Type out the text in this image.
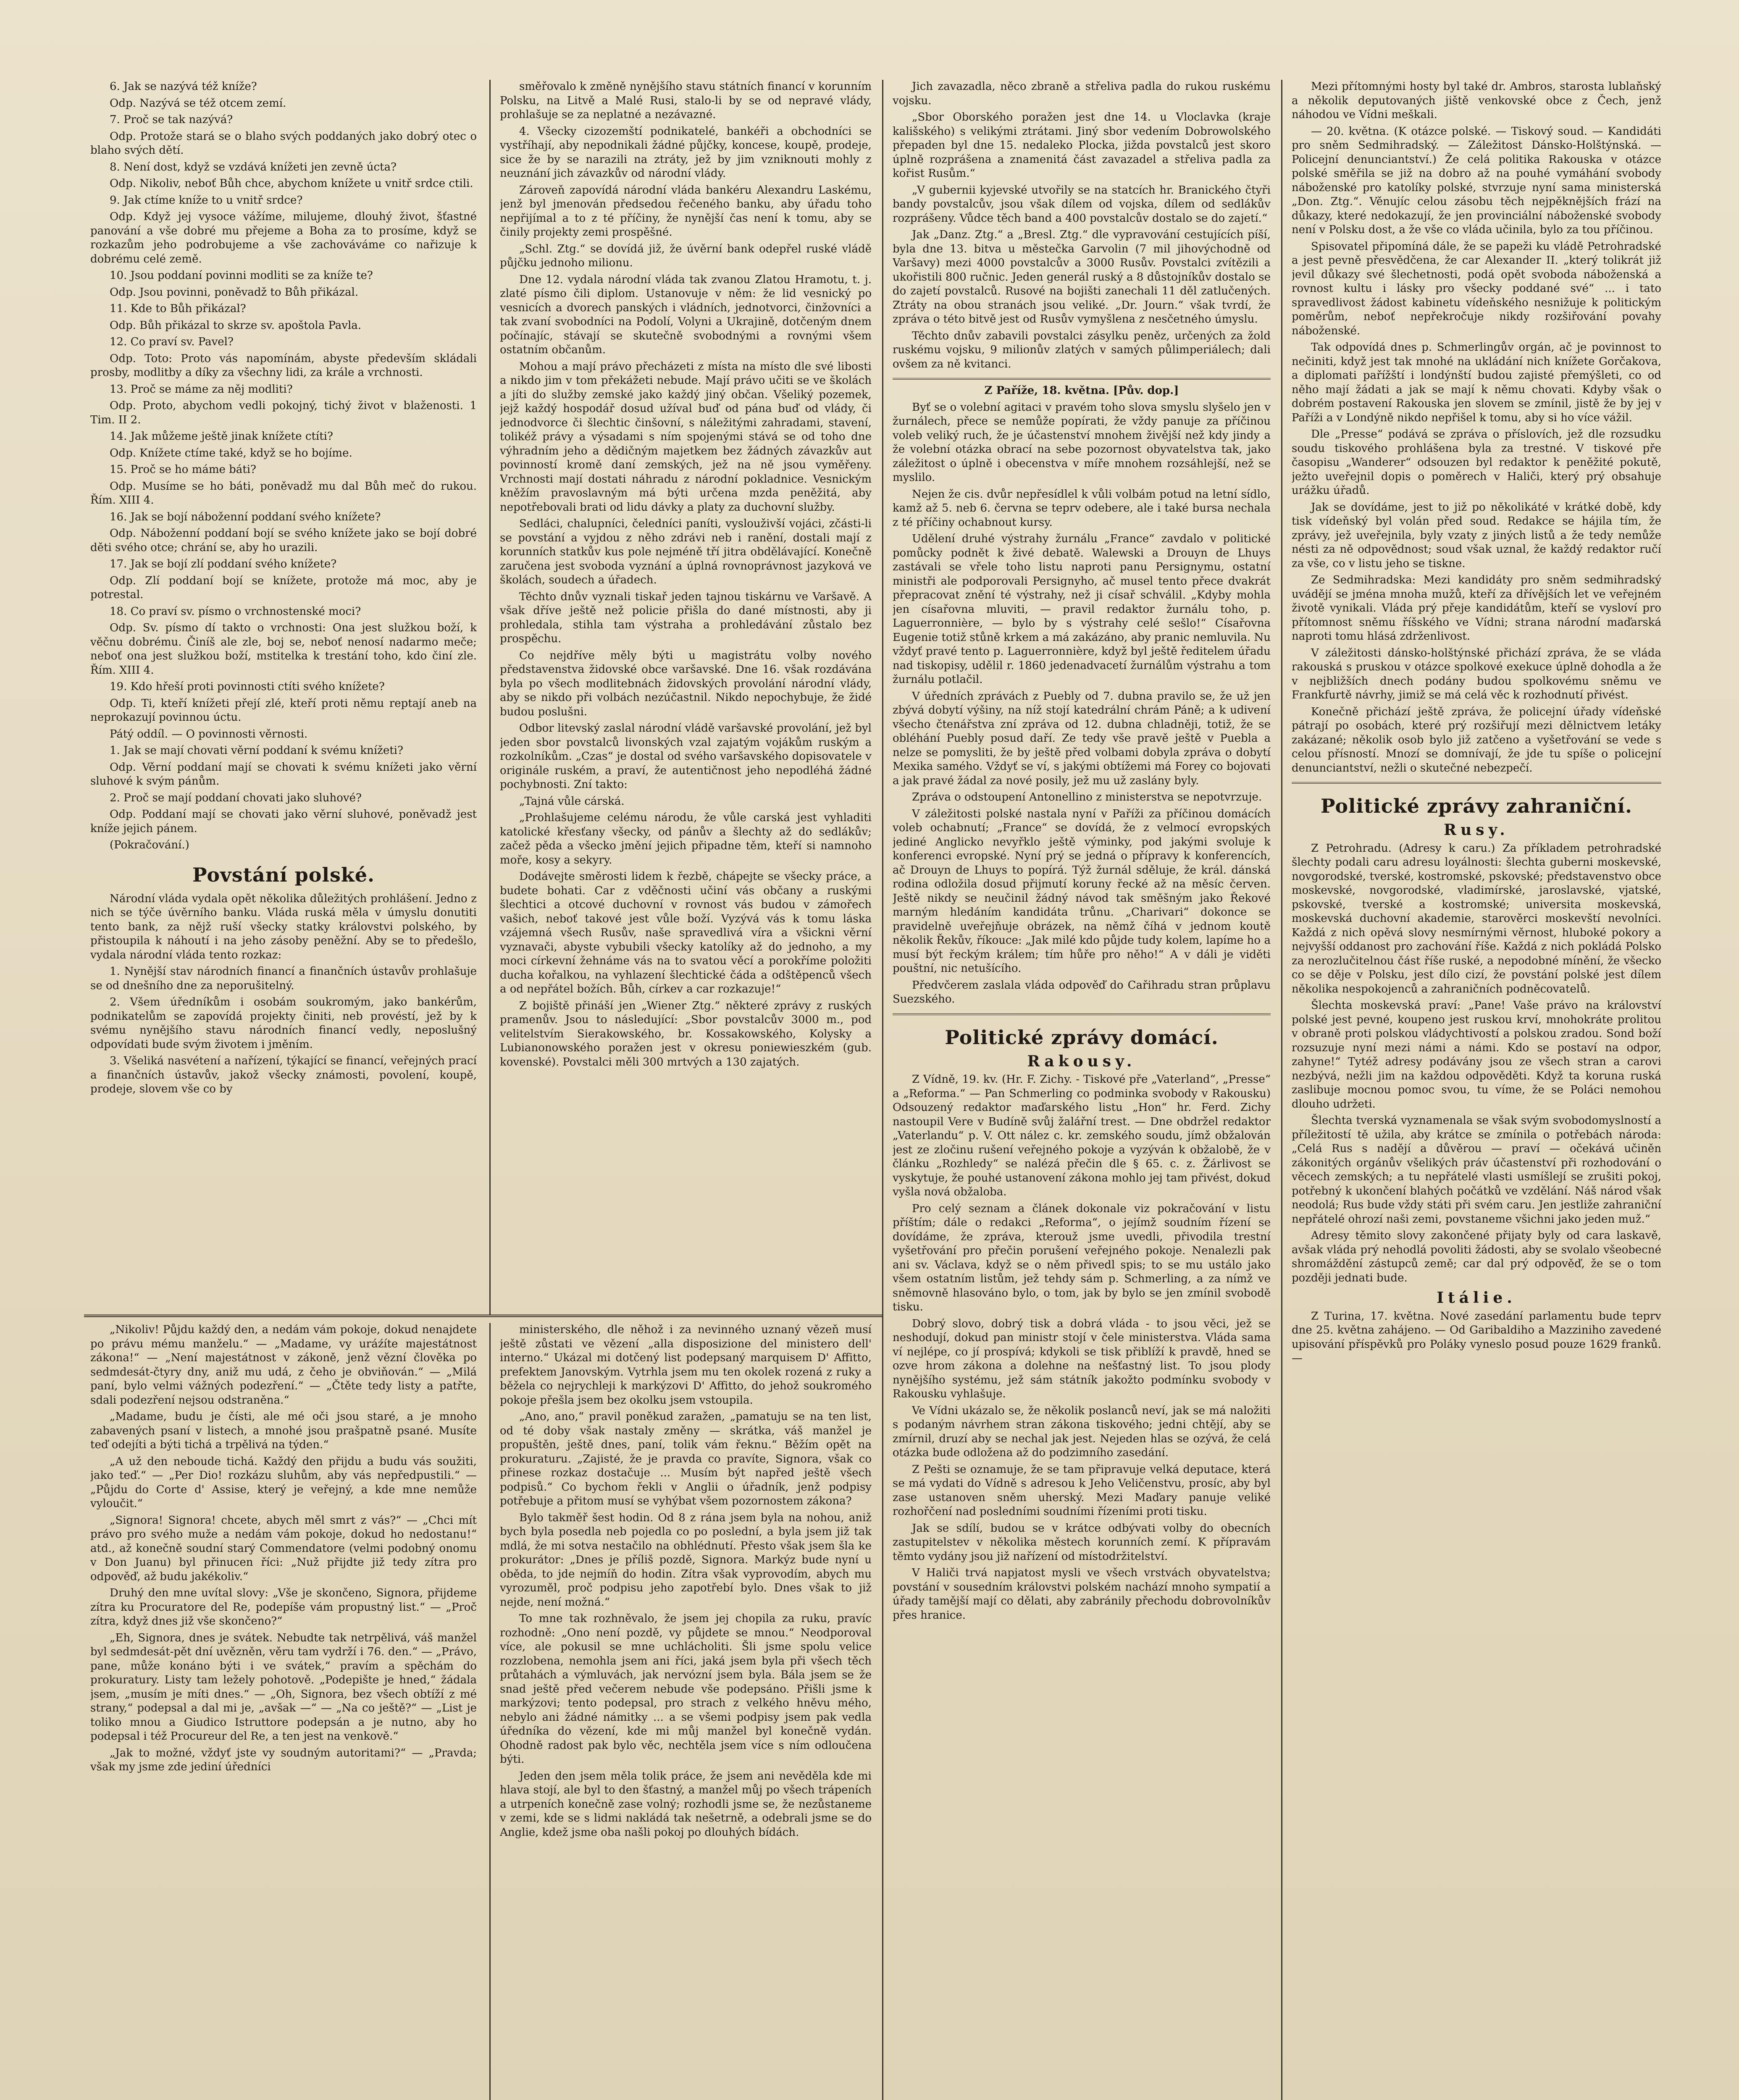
6. Jak se nazývá též kníže?

Odp. Nazývá se též otcem zemí.

7. Proč se tak nazývá?

Odp. Protože stará se o blaho svých poddaných jako dobrý otec o blaho svých dětí.

8. Není dost, když se vzdává knížeti jen zevně úcta?

Odp. Nikoliv, neboť Bůh chce, abychom knížete u vnitř srdce ctili.

9. Jak ctíme kníže to u vnitř srdce?

Odp. Když jej vysoce vážíme, milujeme, dlouhý život, šťastné panování a vše dobré mu přejeme a Boha za to prosíme, když se rozkazům jeho podrobujeme a vše zachováváme co nařizuje k dobrému celé země.

10. Jsou poddaní povinni modliti se za kníže te?

Odp. Jsou povinni, poněvadž to Bůh přikázal.

11. Kde to Bůh přikázal?

Odp. Bůh přikázal to skrze sv. apoštola Pavla.

12. Co praví sv. Pavel?

Odp. Toto: Proto vás napomínám, abyste především skládali prosby, modlitby a díky za všechny lidi, za krále a vrchnosti.

13. Proč se máme za něj modliti?

Odp. Proto, abychom vedli pokojný, tichý život v blaženosti. 1 Tim. II 2.

14. Jak můžeme ještě jinak knížete ctíti?

Odp. Knížete ctíme také, když se ho bojíme.

15. Proč se ho máme báti?

Odp. Musíme se ho báti, poněvadž mu dal Bůh meč do rukou. Řím. XIII 4.

16. Jak se bojí náboženní poddaní svého knížete?

Odp. Náboženní poddaní bojí se svého knížete jako se bojí dobré děti svého otce; chrání se, aby ho urazili.

17. Jak se bojí zlí poddaní svého knížete?

Odp. Zlí poddaní bojí se knížete, protože má moc, aby je potrestal.

18. Co praví sv. písmo o vrchnostenské moci?

Odp. Sv. písmo dí takto o vrchnosti: Ona jest služkou boží, k věčnu dobrému. Činíš ale zle, boj se, neboť nenosí nadarmo meče; neboť ona jest služkou boží, mstitelka k trestání toho, kdo činí zle. Řím. XIII 4.

19. Kdo hřeší proti povinnosti ctíti svého knížete?

Odp. Ti, kteří knížeti přejí zlé, kteří proti němu reptají aneb na neprokazují povinnou úctu.

Pátý oddíl. — O povinnosti věrnosti.

1. Jak se mají chovati věrní poddaní k svému knížeti?

Odp. Věrní poddaní mají se chovati k svému knížeti jako věrní sluhové k svým pánům.

2. Proč se mají poddaní chovati jako sluhové?

Odp. Poddaní mají se chovati jako věrní sluhové, poněvadž jest kníže jejich pánem.

(Pokračování.)

Povstání polské.

Národní vláda vydala opět několika důležitých prohlášení. Jedno z nich se týče úvěrního banku. Vláda ruská měla v úmyslu donutiti tento bank, za nějž ruší všecky statky královstvi polského, by přistoupila k náhoutí i na jeho zásoby peněžní. Aby se to předešlo, vydala národní vláda tento rozkaz:

1. Nynější stav národních financí a finančních ústavův prohlašuje se od dnešního dne za neporušitelný.

2. Všem úředníkům i osobám soukromým, jako bankérům, podnikatelům se zapovídá projekty činiti, neb provéstí, jež by k svému nynějšího stavu národních financí vedly, neposlušný odpovídati bude svým životem i jměním.

3. Všeliká nasvétení a nařízení, týkající se financí, veřejných prací a finančních ústavův, jakož všecky známosti, povolení, koupě, prodeje, slovem vše co by

směřovalo k změně nynějšího stavu státních financí v korunním Polsku, na Litvě a Malé Rusi, stalo-li by se od nepravé vlády, prohlašuje se za neplatné a nezávazné.

4. Všecky cizozemští podnikatelé, bankéři a obchodníci se vystříhají, aby nepodnikali žádné půjčky, koncese, koupě, prodeje, sice že by se narazili na ztráty, jež by jim vzniknouti mohly z neuznání jich závazkův od národní vlády.

Zároveň zapovídá národní vláda bankéru Alexandru Laskému, jenž byl jmenován předsedou řečeného banku, aby úřadu toho nepřijímal a to z té příčiny, že nynější čas není k tomu, aby se činily projekty zemi prospěšné.

„Schl. Ztg.“ se dovídá již, že úvěrní bank odepřel ruské vládě půjčku jednoho milionu.

Dne 12. vydala národní vláda tak zvanou Zlatou Hramotu, t. j. zlaté písmo čili diplom. Ustanovuje v něm: že lid vesnický po vesnicích a dvorech panských i vládních, jednotvorci, činžovníci a tak zvaní svobodníci na Podolí, Volyni a Ukrajině, dotčeným dnem počínajíc, stávají se skutečně svobodnými a rovnými všem ostatním občanům.

Mohou a mají právo přecházeti z místa na místo dle své libosti a nikdo jim v tom překážeti nebude. Mají právo učiti se ve školách a jíti do služby zemské jako každý jiný občan. Všeliký pozemek, jejž každý hospodář dosud užíval buď od pána buď od vlády, či jednodvorce či šlechtic činšovní, s náležitými zahradami, stavení, tolikéž právy a výsadami s ním spojenými stává se od toho dne výhradním jeho a dědičným majetkem bez žádných závazkův aut povinností kromě daní zemských, jež na ně jsou vyměřeny. Vrchnosti mají dostati náhradu z národní pokladnice. Vesnickým kněžím pravoslavným má býti určena mzda peněžitá, aby nepotřebovali brati od lidu dávky a platy za duchovní služby.

Sedláci, chalupníci, čeledníci paníti, vyslouživší vojáci, zčásti-li se povstání a vyjdou z něho zdrávi neb i ranění, dostali mají z korunních statkův kus pole nejméně tří jitra obdělávající. Konečně zaručena jest svoboda vyznání a úplná rovnoprávnost jazyková ve školách, soudech a úřadech.

Těchto dnův vyznali tiskař jeden tajnou tiskárnu ve Varšavě. A však dříve ještě než policie přišla do dané místnosti, aby ji prohledala, stihla tam výstraha a prohledávání zůstalo bez prospěchu.

Co nejdříve měly býti u magistrátu volby nového představenstva židovské obce varšavské. Dne 16. však rozdávána byla po všech modlitebnách židovských provolání národní vlády, aby se nikdo při volbách nezúčastnil. Nikdo nepochybuje, že židé budou poslušni.

Odbor litevský zaslal národní vládě varšavské provolání, jež byl jeden sbor povstalců livonských vzal zajatým vojákům ruským a rozkolníkům. „Czas“ je dostal od svého varšavského dopisovatele v originále ruském, a praví, že autentičnost jeho nepodléhá žádné pochybnosti. Zní takto:

„Tajná vůle cárská.

„Prohlašujeme celému národu, že vůle carská jest vyhladiti katolické křesťany všecky, od pánův a šlechty až do sedlákův; začež pěda a všecko jmění jejich připadne těm, kteří si namnoho moře, kosy a sekyry.

Dodávejte směrosti lidem k řezbě, chápejte se všecky práce, a budete bohati. Car z vděčnosti učiní vás občany a ruskými šlechtici a otcové duchovní v rovnost vás budou v zámořech vašich, neboť takové jest vůle boží. Vyzývá vás k tomu láska vzájemná všech Rusův, naše spravedlivá víra a všickni věrní vyznavači, abyste vybubili všecky katolíky až do jednoho, a my moci církevní žehnáme vás na to svatou věcí a porokříme položiti ducha kořalkou, na vyhlazení šlechtické čáda a odštěpenců všech a od nepřátel božích. Bůh, církev a car rozkazuje!“

Z bojiště přináší jen „Wiener Ztg.“ některé zprávy z ruských pramenův. Jsou to následující: „Sbor povstalcův 3000 m., pod velitelstvím Sierakowského, br. Kossakowského, Kolysky a Lubianonowského poražen jest v okresu poniewieszkém (gub. kovenské). Povstalci měli 300 mrtvých a 130 zajatých.

Jich zavazadla, něco zbraně a střeliva padla do rukou ruskému vojsku.

„Sbor Oborského poražen jest dne 14. u Vloclavka (kraje kališského) s velikými ztrátami. Jiný sbor vedením Dobrowolského přepaden byl dne 15. nedaleko Plocka, jižda povstalců jest skoro úplně rozprášena a znamenitá část zavazadel a střeliva padla za kořist Rusům.“

„V gubernii kyjevské utvořily se na statcích hr. Branického čtyři bandy povstalcův, jsou však dílem od vojska, dílem od sedlákův rozprášeny. Vůdce těch band a 400 povstalcův dostalo se do zajetí.“

Jak „Danz. Ztg.“ a „Bresl. Ztg.“ dle vypravování cestujících píší, byla dne 13. bitva u městečka Garvolin (7 mil jihovýchodně od Varšavy) mezi 4000 povstalcův a 3000 Rusův. Povstalci zvítězili a ukořistili 800 ručnic. Jeden generál ruský a 8 důstojníkův dostalo se do zajetí povstalců. Rusové na bojišti zanechali 11 děl zatlučených. Ztráty na obou stranách jsou veliké. „Dr. Journ.“ však tvrdí, že zpráva o této bitvě jest od Rusův vymyšlena z nesčetného úmyslu.

Těchto dnův zabavili povstalci zásylku peněz, určených za žold ruskému vojsku, 9 milionův zlatých v samých půlimperiálech; dali ovšem za ně kvitanci.

Z Paříže, 18. května. [Pův. dop.]

Byť se o volební agitaci v pravém toho slova smyslu slyšelo jen v žurnálech, přece se nemůže popírati, že vždy panuje za příčinou voleb veliký ruch, že je účastenství mnohem živější než kdy jindy a že volební otázka obrací na sebe pozornost obyvatelstva tak, jako záležitost o úplně i obecenstva v míře mnohem rozsáhlejší, než se myslilo.

Nejen že cis. dvůr nepřesídlel k vůli volbám potud na letní sídlo, kamž až 5. neb 6. června se teprv odebere, ale i také bursa nechala z té příčiny ochabnout kursy.

Udělení druhé výstrahy žurnálu „France“ zavdalo v politické pomůcky podnět k živé debatě. Walewski a Drouyn de Lhuys zastávali se vřele toho listu naproti panu Persignymu, ostatní ministři ale podporovali Persignyho, ač musel tento přece dvakrát přepracovat znění té výstrahy, než ji císař schválil. „Kdyby mohla jen císařovna mluviti, — pravil redaktor žurnálu toho, p. Laguerronnière, — bylo by s výstrahy celé sešlo!“ Císařovna Eugenie totiž stůně krkem a má zakázáno, aby pranic nemluvila. Nu vždyť pravé tento p. Laguerronnière, když byl ještě ředitelem úřadu nad tiskopisy, udělil r. 1860 jedenadvacetí žurnálům výstrahu a tom žurnálu potlačil.

V úředních zprávách z Puebly od 7. dubna pravilo se, že už jen zbývá dobytí výšiny, na níž stojí katedrální chrám Páně; a k udivení všecho čtenářstva zní zpráva od 12. dubna chladněji, totiž, že se obléhání Puebly posud daří. Ze tedy vše pravě ještě v Puebla a nelze se pomysliti, že by ještě před volbami dobyla zpráva o dobytí Mexika samého. Vždyť se ví, s jakými obtížemi má Forey co bojovati a jak pravé žádal za nové posily, jež mu už zaslány byly.

Zpráva o odstoupení Antonellino z ministerstva se nepotvrzuje.

V záležitosti polské nastala nyní v Paříži za příčinou domácích voleb ochabnutí; „France“ se dovídá, že z velmocí evropských jediné Anglicko nevyřklo ještě výminky, pod jakými svoluje k konferenci evropské. Nyní prý se jedná o přípravy k konferencích, ač Drouyn de Lhuys to popírá. Týž žurnál sděluje, že král. dánská rodina odložila dosud přijmutí koruny řecké až na měsíc červen. Ještě nikdy se neučinil žádný návod tak směšným jako Řekové marným hledáním kandidáta trůnu. „Charivari“ dokonce se pravidelně uveřejňuje obrázek, na němž číhá v jednom koutě několik Řekův, říkouce: „Jak milé kdo půjde tudy kolem, lapíme ho a musí být řeckým králem; tím hůře pro něho!“ A v dáli je viděti pouštní, nic netušícího.

Předvčerem zaslala vláda odpověď do Cařihradu stran průplavu Suezského.

Politické zprávy domácí.
Rakousy.

Z Vídně, 19. kv. (Hr. F. Zichy. - Tiskové pře „Vaterland“, „Presse“ a „Reforma.“ — Pan Schmerling co podminka svobody v Rakousku) Odsouzený redaktor maďarského listu „Hon“ hr. Ferd. Zichy nastoupil Vere v Budíně svůj žalářní trest. — Dne obdržel redaktor „Vaterlandu“ p. V. Ott nález c. kr. zemského soudu, jímž obžalován jest ze zločinu rušení veřejného pokoje a vyzýván k obžalobě, že v článku „Rozhledy“ se nalézá přečin dle § 65. c. z. Žárlivost se vyskytuje, že pouhé ustanovení zákona mohlo jej tam přivést, dokud vyšla nová obžaloba.

Pro celý seznam a článek dokonale viz pokračování v listu příštím; dále o redakci „Reforma“, o jejímž soudním řízení se dovídáme, že zpráva, kterouž jsme uvedli, přivodila trestní vyšetřování pro přečin porušení veřejného pokoje. Nenalezli pak ani sv. Václava, když se o něm přivedl spis; to se mu ustálo jako všem ostatním listům, jež tehdy sám p. Schmerling, a za nímž ve sněmovně hlasováno bylo, o tom, jak by bylo se jen zmínil svobodě tisku.

Dobrý slovo, dobrý tisk a dobrá vláda - to jsou věci, jež se neshodují, dokud pan ministr stojí v čele ministerstva. Vláda sama ví nejlépe, co jí prospívá; kdykoli se tisk přiblíží k pravdě, hned se ozve hrom zákona a dolehne na nešťastný list. To jsou plody nynějšího systému, jež sám státník jakožto podmínku svobody v Rakousku vyhlašuje.

Ve Vídni ukázalo se, že několik poslanců neví, jak se má naložiti s podaným návrhem stran zákona tiskového; jedni chtějí, aby se zmírnil, druzí aby se nechal jak jest. Nejeden hlas se ozývá, že celá otázka bude odložena až do podzimního zasedání.

Z Pešti se oznamuje, že se tam připravuje velká deputace, která se má vydati do Vídně s adresou k Jeho Veličenstvu, prosíc, aby byl zase ustanoven sněm uherský. Mezi Maďary panuje veliké rozhořčení nad posledními soudními řízeními proti tisku.

Jak se sdílí, budou se v krátce odbývati volby do obecních zastupitelstev v několika městech korunních zemí. K přípravám těmto vydány jsou již nařízení od místodržitelství.

V Haliči trvá napjatost mysli ve všech vrstvách obyvatelstva; povstání v sousedním královstvi polském nachází mnoho sympatií a úřady tamější mají co dělati, aby zabránily přechodu dobrovolníkův přes hranice.

Mezi přítomnými hosty byl také dr. Ambros, starosta lublaňský a několik deputovaných jiště venkovské obce z Čech, jenž náhodou ve Vídni meškali.

— 20. května. (K otázce polské. — Tiskový soud. — Kandidáti pro sněm Sedmihradský. — Záležitost Dánsko-Holštýnská. — Policejní denunciantství.) Že celá politika Rakouska v otázce polské směřila se již na dobro až na pouhé vymáhání svobody náboženské pro katolíky polské, stvrzuje nyní sama ministerská „Don. Ztg.“. Věnujíc celou zásobu těch nejpěknějších frází na důkazy, které nedokazují, že jen provinciální náboženské svobody není v Polsku dost, a že vše co vláda učinila, bylo za tou příčinou.

Spisovatel připomíná dále, že se papeži ku vládě Petrohradské a jest pevně přesvědčena, že car Alexander II. „který tolikrát již jevil důkazy své šlechetnosti, podá opět svoboda náboženská a rovnost kultu i lásky pro všecky poddané své“ ... i tato spravedlivost žádost kabinetu vídeňského nesnižuje k politickým poměrům, neboť nepřekročuje nikdy rozšiřování povahy náboženské.

Tak odpovídá dnes p. Schmerlingův orgán, ač je povinnost to nečiniti, když jest tak mnohé na ukládání nich knížete Gorčakova, a diplomati pařížští i londýnští budou zajisté přemýšleti, co od něho mají žádati a jak se mají k němu chovati. Kdyby však o dobrém postavení Rakouska jen slovem se zmínil, jistě že by jej v Paříži a v Londýně nikdo nepřišel k tomu, aby si ho více vážil.

Dle „Presse“ podává se zpráva o příslovích, jež dle rozsudku soudu tiskového prohlášena byla za trestné. V tiskové pře časopisu „Wanderer“ odsouzen byl redaktor k peněžité pokutě, ježto uveřejnil dopis o poměrech v Haliči, který prý obsahuje urážku úřadů.

Jak se dovídáme, jest to již po několikáté v krátké době, kdy tisk vídeňský byl volán před soud. Redakce se hájila tím, že zprávy, jež uveřejnila, byly vzaty z jiných listů a že tedy nemůže nésti za ně odpovědnost; soud však uznal, že každý redaktor ručí za vše, co v listu jeho se tiskne.

Ze Sedmihradska: Mezi kandidáty pro sněm sedmihradský uvádějí se jména mnoha mužů, kteří za dřívějších let ve veřejném životě vynikali. Vláda prý přeje kandidátům, kteří se vysloví pro přítomnost sněmu říšského ve Vídni; strana národní maďarská naproti tomu hlásá zdrženlivost.

V záležitosti dánsko-holštýnské přichází zpráva, že se vláda rakouská s pruskou v otázce spolkové exekuce úplně dohodla a že v nejbližších dnech podány budou spolkovému sněmu ve Frankfurtě návrhy, jimiž se má celá věc k rozhodnutí přivést.

Konečně přichází ještě zpráva, že policejní úřady vídeňské pátrají po osobách, které prý rozšiřují mezi dělnictvem letáky zakázané; několik osob bylo již zatčeno a vyšetřování se vede s celou přísností. Mnozí se domnívají, že jde tu spíše o policejní denunciantství, nežli o skutečné nebezpečí.

Politické zprávy zahraniční.
Rusy.

Z Petrohradu. (Adresy k caru.) Za příkladem petrohradské šlechty podali caru adresu loyálnosti: šlechta guberni moskevské, novgorodské, tverské, kostromské, pskovské; představenstvo obce moskevské, novgorodské, vladimírské, jaroslavské, vjatské, pskovské, tverské a kostromské; universita moskevská, moskevská duchovní akademie, starověrci moskevští nevolníci. Každá z nich opěvá slovy nesmírnými věrnost, hluboké pokory a nejvyšší oddanost pro zachování říše. Každá z nich pokládá Polsko za nerozlučitelnou část říše ruské, a nepodobné mínění, že všecko co se děje v Polsku, jest dílo cizí, že povstání polské jest dílem několika nespokojenců a zahraničních podněcovatelů.

Šlechta moskevská praví: „Pane! Vaše právo na království polské jest pevné, koupeno jest ruskou krví, mnohokráte prolitou v obraně proti polskou vládychtivostí a polskou zradou. Sond boží rozsuzuje nyní mezi námi a námi. Kdo se postaví na odpor, zahyne!“ Tytéž adresy podávány jsou ze všech stran a carovi nezbývá, nežli jim na každou odpověděti. Když ta koruna ruská zaslibuje mocnou pomoc svou, tu víme, že se Poláci nemohou dlouho udržeti.

Šlechta tverská vyznamenala se však svým svobodomyslností a příležitostí tě užila, aby krátce se zmínila o potřebách národa: „Celá Rus s nadějí a důvěrou — praví — očekává učiněn zákonitých orgánův všelikých práv účastenství při rozhodování o věcech zemských; a tu nepřátelé vlasti usmíšlejí se zrušiti pokoj, potřebný k ukončení blahých počátků ve vzdělání. Náš národ však neodolá; Rus bude vždy státi při svém caru. Jen jestliže zahraniční nepřátelé ohrozí naši zemi, povstaneme všichni jako jeden muž.“

Adresy těmito slovy zakončené přijaty byly od cara laskavě, avšak vláda prý nehodlá povoliti žádosti, aby se svolalo všeobecné shromáždění zástupců země; car dal prý odpověď, že se o tom později jednati bude.

Itálie.

Z Turina, 17. května. Nové zasedání parlamentu bude teprv dne 25. května zahájeno. — Od Garibaldiho a Mazziniho zavedené upisování příspěvků pro Poláky vyneslo posud pouze 1629 franků. —

„Nikoliv! Půjdu každý den, a nedám vám pokoje, dokud nenajdete po právu mému manželu.“ — „Madame, vy uráźíte majestátnost zákona!“ — „Není majestátnost v zákoně, jenž vězní člověka po sedmdesát-čtyry dny, aniž mu udá, z čeho je obviňován.“ — „Milá paní, bylo velmi vážných podezření.“ — „Čtěte tedy listy a patřte, sdali podezření nejsou odstraněna.“

„Madame, budu je čísti, ale mé oči jsou staré, a je mnoho zabavených psaní v listech, a mnohé jsou prašpatně psané. Musíte teď odejíti a býti tichá a trpělivá na týden.“

„A už den neboude tichá. Každý den přijdu a budu vás soužiti, jako teď.“ — „Per Dio! rozkázu sluhům, aby vás nepředpustili.“ — „Půjdu do Corte d' Assise, který je veřejný, a kde mne nemůže vyloučit.“

„Signora! Signora! chcete, abych měl smrt z vás?“ — „Chci mít právo pro svého muže a nedám vám pokoje, dokud ho nedostanu!“ atd., až konečně soudní starý Commendatore (velmi podobný onomu v Don Juanu) byl přinucen říci: „Nuž přijdte již tedy zítra pro odpověď, až budu jakékoliv.“

Druhý den mne uvítal slovy: „Vše je skončeno, Signora, přijdeme zítra ku Procuratore del Re, podepíše vám propustný list.“ — „Proč zítra, když dnes již vše skončeno?“

„Eh, Signora, dnes je svátek. Nebudte tak netrpělivá, váš manžel byl sedmdesát-pět dní uvězněn, věru tam vydrží i 76. den.“ — „Právo, pane, může konáno býti i ve svátek,“ pravím a spěchám do prokuratury. Listy tam ležely pohotově. „Podepište je hned,“ žádala jsem, „musím je míti dnes.“ — „Oh, Signora, bez všech obtíží z mé strany,“ podepsal a dal mi je, „avšak —“ — „Na co ještě?“ — „List je toliko mnou a Giudico Istruttore podepsán a je nutno, aby ho podepsal i též Procureur del Re, a ten jest na venkově.“

„Jak to možné, vždyť jste vy soudným autoritami?“ — „Pravda; však my jsme zde jediní úředníci

ministerského, dle něhož i za nevinného uznaný vězeň musí ještě zůstati ve vězení „alla disposizione del ministero dell' interno.“ Ukázal mi dotčený list podepsaný marquisem D' Affitto, prefektem Janovským. Vytrhla jsem mu ten okolek rozená z ruky a běžela co nejrychleji k markýzovi D' Affitto, do jehož soukromého pokoje přešla jsem bez okolku jsem vstoupila.

„Ano, ano,“ pravil poněkud zaražen, „pamatuju se na ten list, od té doby však nastaly změny — skrátka, váš manžel je propuštěn, ještě dnes, paní, tolik vám řeknu.“ Běžím opět na prokuraturu. „Zajisté, že je pravda co pravíte, Signora, však co přinese rozkaz dostačuje ... Musím být napřed ještě všech podpisů.“ Co bychom řekli v Anglii o úřadník, jenž podpisy potřebuje a přitom musí se vyhýbat všem pozornostem zákona?

Bylo takměř šest hodin. Od 8 z rána jsem byla na nohou, aniž bych byla posedla neb pojedla co po poslední, a byla jsem již tak mdlá, že mi sotva nestačilo na obhlédnutí. Přesto však jsem šla ke prokurátor: „Dnes je příliš pozdě, Signora. Markýz bude nyní u oběda, to jde nejmíň do hodin. Zítra však vyprovodím, abych mu vyrozuměl, proč podpisu jeho zapotřebí bylo. Dnes však to již nejde, není možná.“

To mne tak rozhněvalo, že jsem jej chopila za ruku, pravíc rozhodně: „Ono není pozdě, vy půjdete se mnou.“ Neodporoval více, ale pokusil se mne uchlácholiti. Šli jsme spolu velice rozzlobena, nemohla jsem ani říci, jaká jsem byla při všech těch průtahách a výmluvách, jak nervózní jsem byla. Bála jsem se že snad ještě před večerem nebude vše podepsáno. Přišli jsme k markýzovi; tento podepsal, pro strach z velkého hněvu mého, nebylo ani žádné námitky ... a se všemi podpisy jsem pak vedla úředníka do vězení, kde mi můj manžel byl konečně vydán. Ohodně radost pak bylo věc, nechtěla jsem více s ním odloučena býti.

Jeden den jsem měla tolik práce, že jsem ani nevěděla kde mi hlava stojí, ale byl to den šťastný, a manžel můj po všech trápeních a utrpeních konečně zase volný; rozhodli jsme se, že nezůstaneme v zemi, kde se s lidmi nakládá tak nešetrně, a odebrali jsme se do Anglie, kdež jsme oba našli pokoj po dlouhých bídách.
